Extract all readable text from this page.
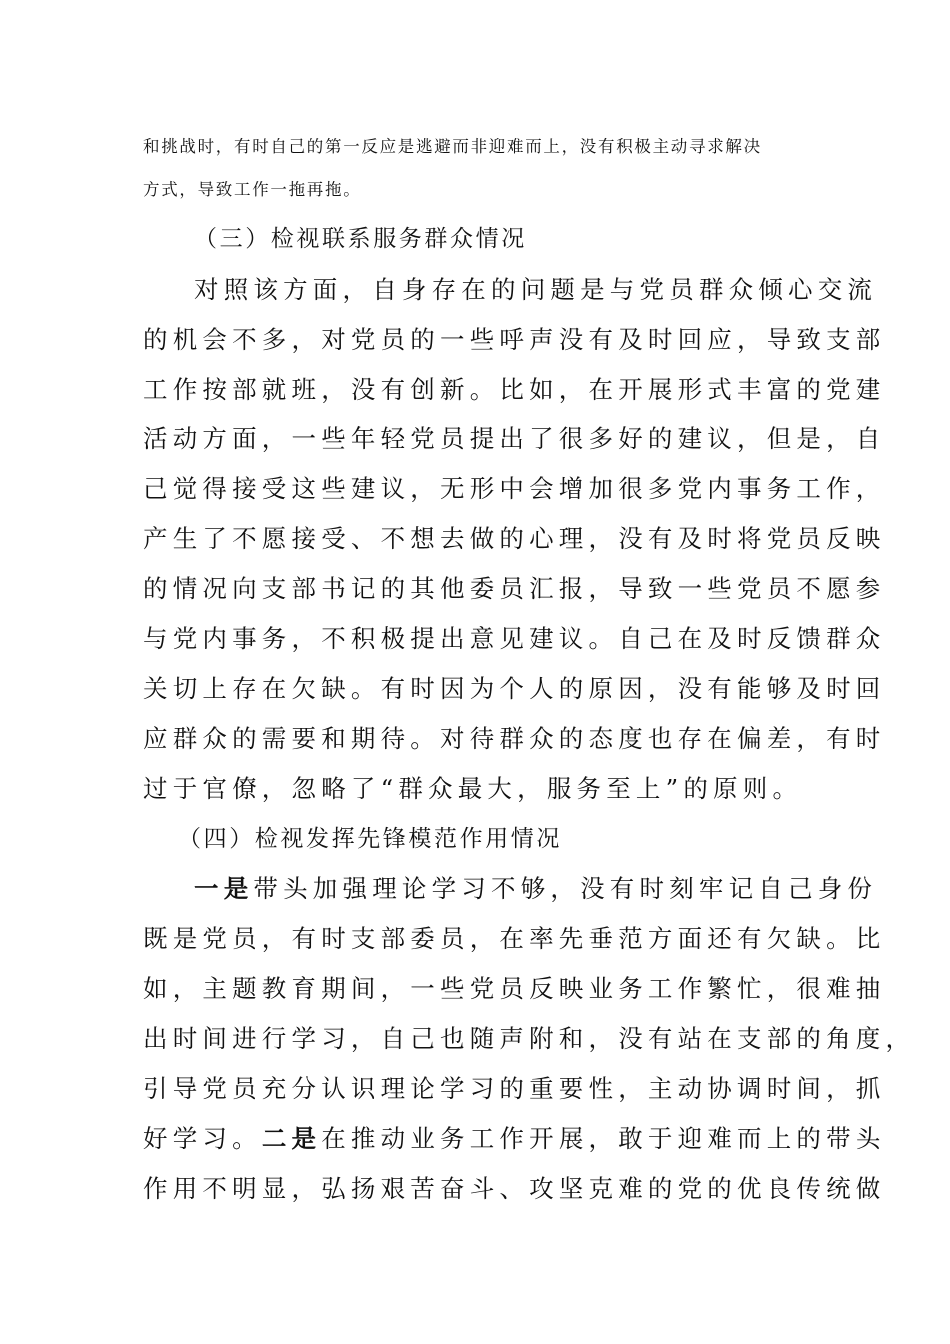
和挑战时，有时自己的第一反应是逃避而非迎难而上，没有积极主动寻求解决
方式，导致工作一拖再拖。
（三）检视联系服务群众情况
对照该方面，自身存在的问题是与党员群众倾心交流
的机会不多，对党员的一些呼声没有及时回应，导致支部
工作按部就班，没有创新。比如，在开展形式丰富的党建
活动方面，一些年轻党员提出了很多好的建议，但是，自
己觉得接受这些建议，无形中会增加很多党内事务工作，
产生了不愿接受、不想去做的心理，没有及时将党员反映
的情况向支部书记的其他委员汇报，导致一些党员不愿参
与党内事务，不积极提出意见建议。自己在及时反馈群众
关切上存在欠缺。有时因为个人的原因，没有能够及时回
应群众的需要和期待。对待群众的态度也存在偏差，有时
过于官僚，忽略了“群众最大，服务至上”的原则。
（四）检视发挥先锋模范作用情况
一是带头加强理论学习不够，没有时刻牢记自己身份
既是党员，有时支部委员，在率先垂范方面还有欠缺。比
如，主题教育期间，一些党员反映业务工作繁忙，很难抽
出时间进行学习，自己也随声附和，没有站在支部的角度，
引导党员充分认识理论学习的重要性，主动协调时间，抓
好学习。二是在推动业务工作开展，敢于迎难而上的带头
作用不明显，弘扬艰苦奋斗、攻坚克难的党的优良传统做
